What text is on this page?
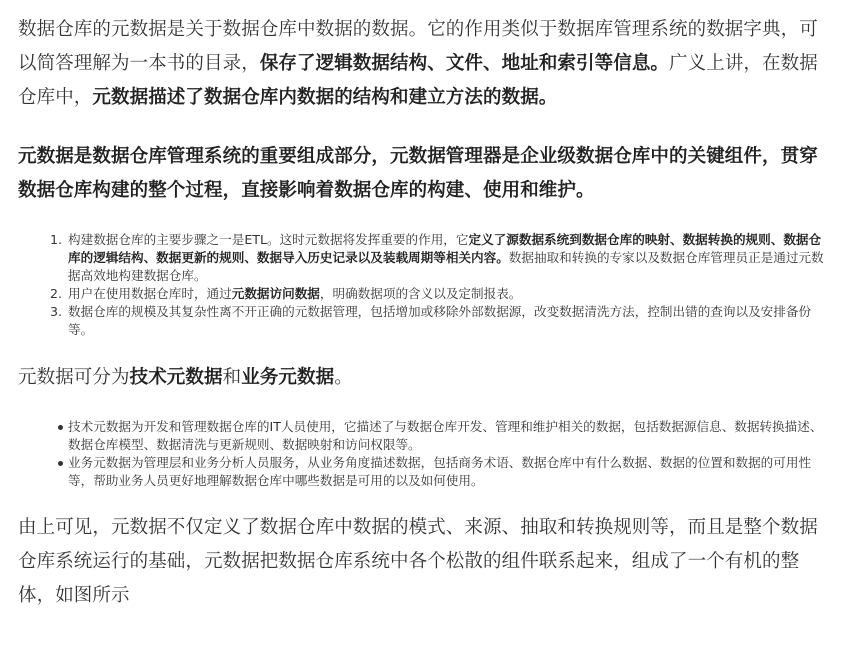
数据仓库的元数据是关于数据仓库中数据的数据。它的作用类似于数据库管理系统的数据字典，可以简答理解为一本书的目录，保存了逻辑数据结构、文件、地址和索引等信息。广义上讲，在数据仓库中，元数据描述了数据仓库内数据的结构和建立方法的数据。

元数据是数据仓库管理系统的重要组成部分，元数据管理器是企业级数据仓库中的关键组件，贯穿数据仓库构建的整个过程，直接影响着数据仓库的构建、使用和维护。

1. 构建数据仓库的主要步骤之一是ETL。这时元数据将发挥重要的作用，它定义了源数据系统到数据仓库的映射、数据转换的规则、数据仓库的逻辑结构、数据更新的规则、数据导入历史记录以及装载周期等相关内容。数据抽取和转换的专家以及数据仓库管理员正是通过元数据高效地构建数据仓库。
2. 用户在使用数据仓库时，通过元数据访问数据，明确数据项的含义以及定制报表。
3. 数据仓库的规模及其复杂性离不开正确的元数据管理，包括增加或移除外部数据源，改变数据清洗方法，控制出错的查询以及安排备份等。

元数据可分为技术元数据和业务元数据。

技术元数据为开发和管理数据仓库的IT人员使用，它描述了与数据仓库开发、管理和维护相关的数据，包括数据源信息、数据转换描述、数据仓库模型、数据清洗与更新规则、数据映射和访问权限等。
业务元数据为管理层和业务分析人员服务，从业务角度描述数据，包括商务术语、数据仓库中有什么数据、数据的位置和数据的可用性等，帮助业务人员更好地理解数据仓库中哪些数据是可用的以及如何使用。

由上可见，元数据不仅定义了数据仓库中数据的模式、来源、抽取和转换规则等，而且是整个数据仓库系统运行的基础，元数据把数据仓库系统中各个松散的组件联系起来，组成了一个有机的整体，如图所示
